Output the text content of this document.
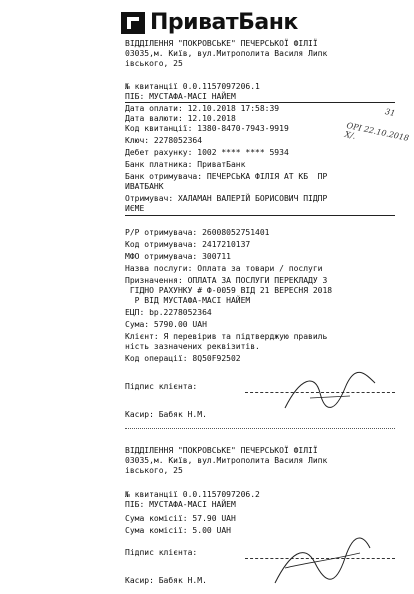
ПриватБанк
ВІДДІЛЕННЯ "ПОКРОВСЬКЕ" ПЕЧЕРСЬКОЇ ФІЛІЇ
03035,м. Київ, вул.Митрополита Василя Липк
івського, 25
№ квитанції 0.0.1157097206.1
ПІБ: МУСТАФА-МАСІ НАЙЕМ
Дата оплати: 12.10.2018 17:58:39
Дата валюти: 12.10.2018
Код квитанції: 1380-8470-7943-9919
Ключ: 2278052364
Дебет рахунку: 1002 **** **** 5934
Банк платника: ПриватБанк
Банк отримувача: ПЕЧЕРСЬКА ФІЛІЯ АТ КБ  ПР
ИВАТБАНК
Отримувач: ХАЛАМАН ВАЛЕРІЙ БОРИСОВИЧ ПІДПР
ИЄМЕ
Р/Р отримувача: 26008052751401
Код отримувача: 2417210137
МФО отримувача: 300711
Назва послуги: Оплата за товари / послуги
Призначення: ОПЛАТА ЗА ПОСЛУГИ ПЕРЕКЛАДУ З
ГІДНО РАХУНКУ # Ф-0059 ВІД 21 ВЕРЕСНЯ 2018
Р ВІД МУСТАФА-МАСІ НАЙЕМ
ЕЦП: bp.2278052364
Сума: 5790.00 UAH
Клієнт: Я перевірив та підтверджую правиль
ність зазначених реквізитів.
Код операції: 8Q50F92502
Підпис клієнта:
Касир: Бабяк Н.М.
ВІДДІЛЕННЯ "ПОКРОВСЬКЕ" ПЕЧЕРСЬКОЇ ФІЛІЇ
03035,м. Київ, вул.Митрополита Василя Липк
івського, 25
№ квитанції 0.0.1157097206.2
ПІБ: МУСТАФА-МАСІ НАЙЕМ
Сума комісії: 57.90 UAH
Сума комісії: 5.00 UAH
Підпис клієнта:
Касир: Бабяк Н.М.
31
ОРІ 22.10.2018 Х/.
